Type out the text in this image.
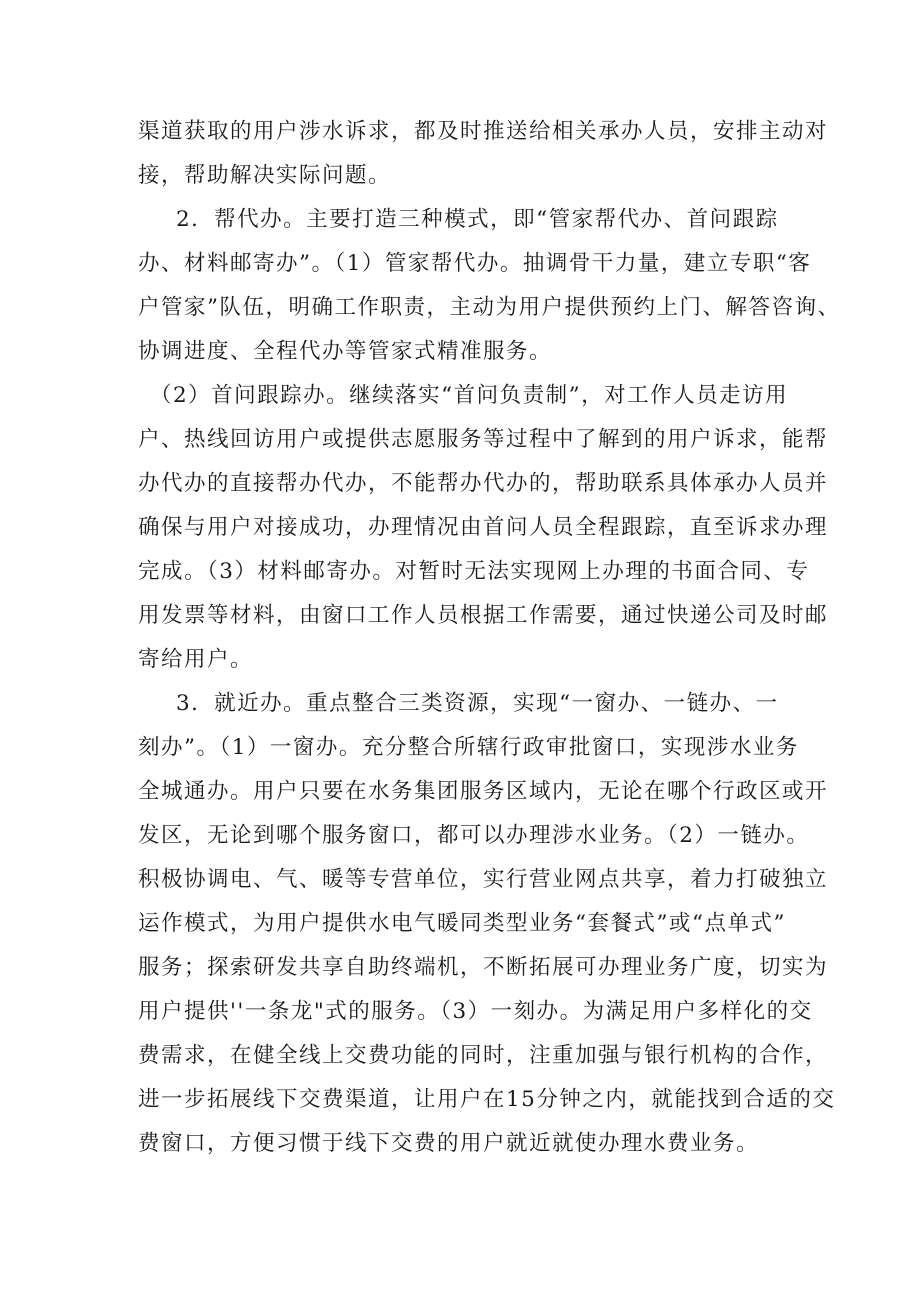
渠道获取的用户涉水诉求，都及时推送给相关承办人员，安排主动对
接，帮助解决实际问题。
2．帮代办。主要打造三种模式，即“管家帮代办、首问跟踪
办、材料邮寄办”。（1）管家帮代办。抽调骨干力量，建立专职“客
户管家”队伍，明确工作职责，主动为用户提供预约上门、解答咨询、
协调进度、全程代办等管家式精准服务。
（2）首问跟踪办。继续落实“首问负责制”，对工作人员走访用
户、热线回访用户或提供志愿服务等过程中了解到的用户诉求，能帮
办代办的直接帮办代办，不能帮办代办的，帮助联系具体承办人员并
确保与用户对接成功，办理情况由首问人员全程跟踪，直至诉求办理
完成。（3）材料邮寄办。对暂时无法实现网上办理的书面合同、专
用发票等材料，由窗口工作人员根据工作需要，通过快递公司及时邮
寄给用户。
3．就近办。重点整合三类资源，实现“一窗办、一链办、一
刻办”。（1）一窗办。充分整合所辖行政审批窗口，实现涉水业务
全城通办。用户只要在水务集团服务区域内，无论在哪个行政区或开
发区，无论到哪个服务窗口，都可以办理涉水业务。（2）一链办。
积极协调电、气、暖等专营单位，实行营业网点共享，着力打破独立
运作模式，为用户提供水电气暖同类型业务“套餐式”或“点单式”
服务；探索研发共享自助终端机，不断拓展可办理业务广度，切实为
用户提供''一条龙"式的服务。（3）一刻办。为满足用户多样化的交
费需求，在健全线上交费功能的同时，注重加强与银行机构的合作，
进一步拓展线下交费渠道，让用户在15分钟之内，就能找到合适的交
费窗口，方便习惯于线下交费的用户就近就使办理水费业务。
